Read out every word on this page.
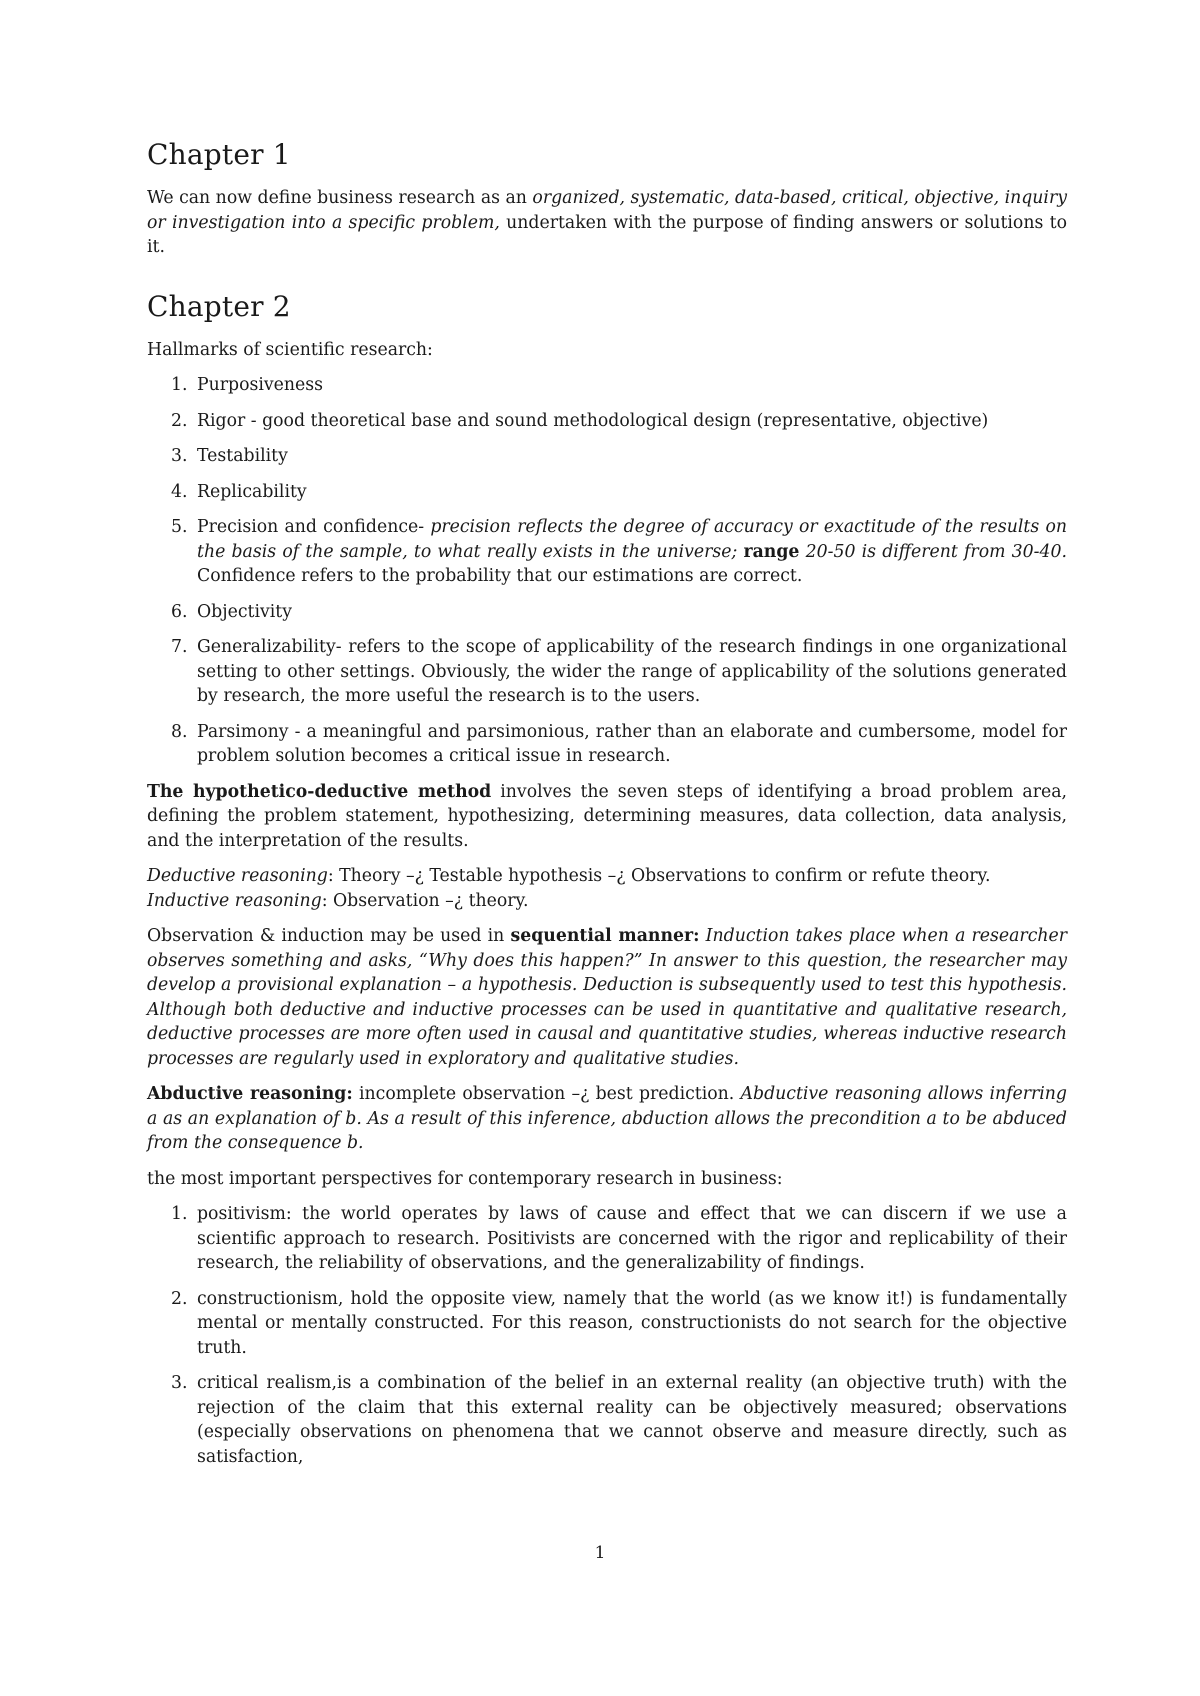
Chapter 1

We can now define business research as an organized, systematic, data-based, critical, objective, inquiry or investigation into a specific problem, undertaken with the purpose of finding answers or solutions to it.

Chapter 2

Hallmarks of scientific research:

1. Purposiveness
2. Rigor - good theoretical base and sound methodological design (representative, objective)
3. Testability
4. Replicability
5. Precision and confidence- precision reflects the degree of accuracy or exactitude of the results on the basis of the sample, to what really exists in the universe; range 20-50 is different from 30-40. Confidence refers to the probability that our estimations are correct.
6. Objectivity
7. Generalizability- refers to the scope of applicability of the research findings in one organizational setting to other settings. Obviously, the wider the range of applicability of the solutions generated by research, the more useful the research is to the users.
8. Parsimony - a meaningful and parsimonious, rather than an elaborate and cumbersome, model for problem solution becomes a critical issue in research.

The hypothetico-deductive method involves the seven steps of identifying a broad problem area, defining the problem statement, hypothesizing, determining measures, data collection, data analysis, and the interpretation of the results.

Deductive reasoning: Theory –¿ Testable hypothesis –¿ Observations to confirm or refute theory.
Inductive reasoning: Observation –¿ theory.

Observation & induction may be used in sequential manner: Induction takes place when a researcher observes something and asks, “Why does this happen?” In answer to this question, the researcher may develop a provisional explanation – a hypothesis. Deduction is subsequently used to test this hypothesis. Although both deductive and inductive processes can be used in quantitative and qualitative research, deductive processes are more often used in causal and quantitative studies, whereas inductive research processes are regularly used in exploratory and qualitative studies.

Abductive reasoning: incomplete observation –¿ best prediction. Abductive reasoning allows inferring a as an explanation of b. As a result of this inference, abduction allows the precondition a to be abduced from the consequence b.

the most important perspectives for contemporary research in business:

1. positivism: the world operates by laws of cause and effect that we can discern if we use a scientific approach to research. Positivists are concerned with the rigor and replicability of their research, the reliability of observations, and the generalizability of findings.
2. constructionism, hold the opposite view, namely that the world (as we know it!) is fundamentally mental or mentally constructed. For this reason, constructionists do not search for the objective truth.
3. critical realism,is a combination of the belief in an external reality (an objective truth) with the rejection of the claim that this external reality can be objectively measured; observations (especially observations on phenomena that we cannot observe and measure directly, such as satisfaction,
1
